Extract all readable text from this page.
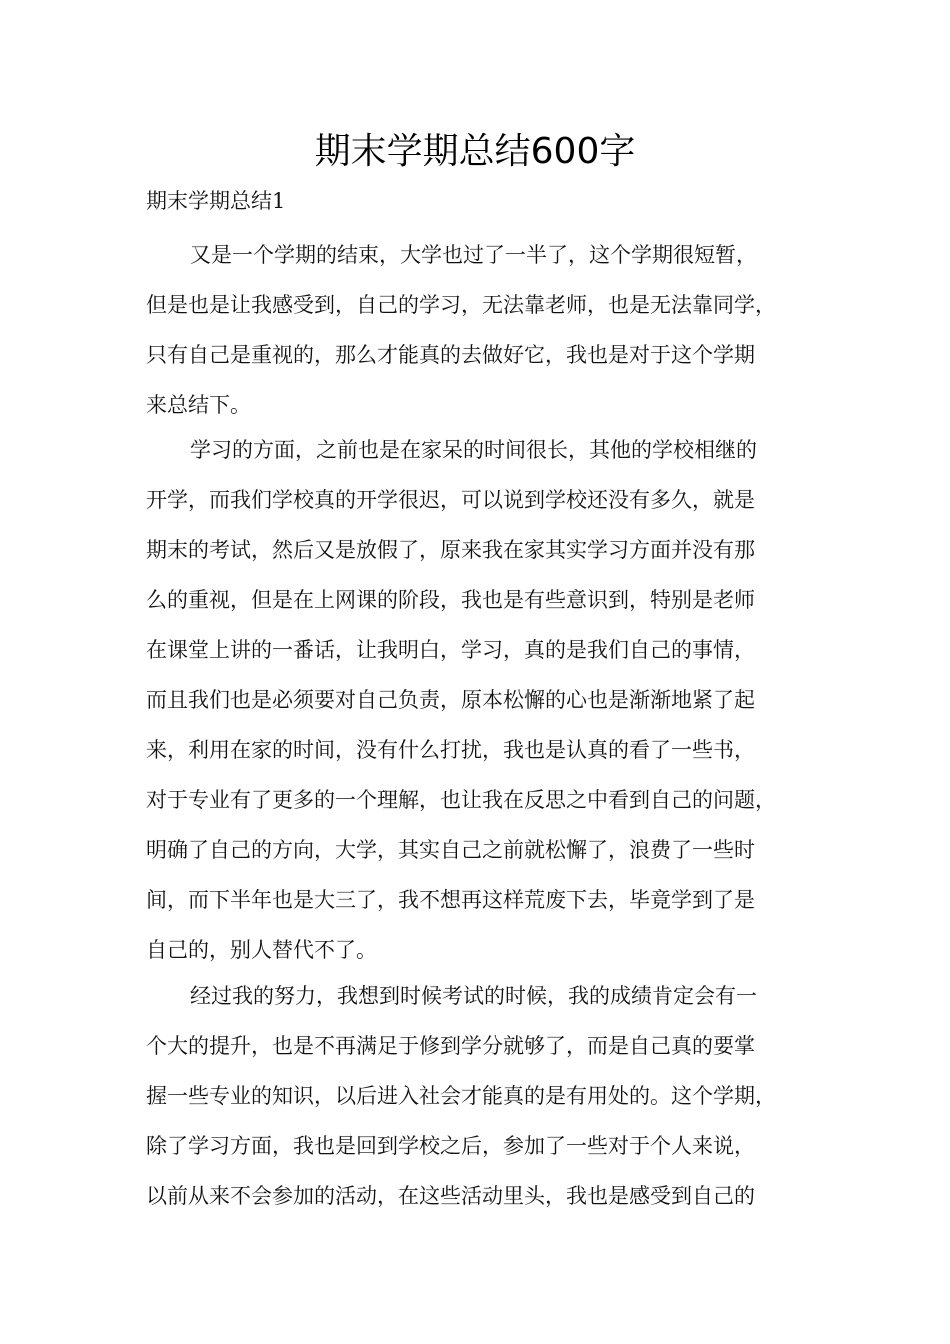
期末学期总结600字

期末学期总结1

又是一个学期的结束，大学也过了一半了，这个学期很短暂，
但是也是让我感受到，自己的学习，无法靠老师，也是无法靠同学，
只有自己是重视的，那么才能真的去做好它，我也是对于这个学期
来总结下。
学习的方面，之前也是在家呆的时间很长，其他的学校相继的
开学，而我们学校真的开学很迟，可以说到学校还没有多久，就是
期末的考试，然后又是放假了，原来我在家其实学习方面并没有那
么的重视，但是在上网课的阶段，我也是有些意识到，特别是老师
在课堂上讲的一番话，让我明白，学习，真的是我们自己的事情，
而且我们也是必须要对自己负责，原本松懈的心也是渐渐地紧了起
来，利用在家的时间，没有什么打扰，我也是认真的看了一些书，
对于专业有了更多的一个理解，也让我在反思之中看到自己的问题，
明确了自己的方向，大学，其实自己之前就松懈了，浪费了一些时
间，而下半年也是大三了，我不想再这样荒废下去，毕竟学到了是
自己的，别人替代不了。
经过我的努力，我想到时候考试的时候，我的成绩肯定会有一
个大的提升，也是不再满足于修到学分就够了，而是自己真的要掌
握一些专业的知识，以后进入社会才能真的是有用处的。这个学期，
除了学习方面，我也是回到学校之后，参加了一些对于个人来说，
以前从来不会参加的活动，在这些活动里头，我也是感受到自己的
